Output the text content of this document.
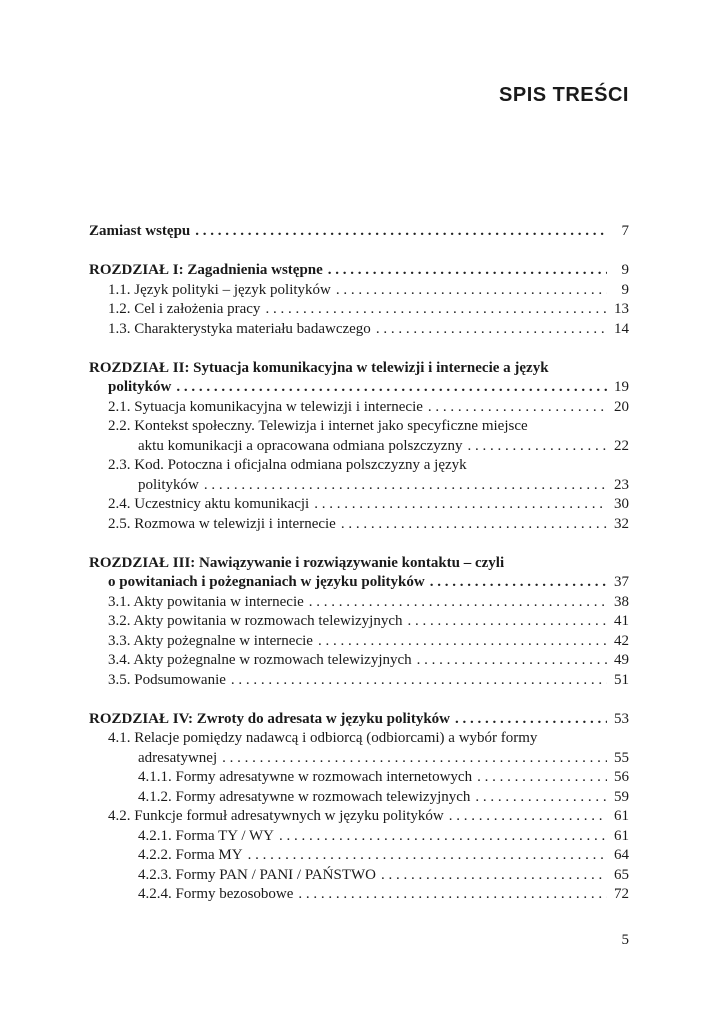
SPIS TREŚCI
Zamiast wstępu . . .	7
ROZDZIAŁ I: Zagadnienia wstępne . . .	9
1.1. Język polityki – język polityków . . .	9
1.2. Cel i założenia pracy . . .	13
1.3. Charakterystyka materiału badawczego . . .	14
ROZDZIAŁ II: Sytuacja komunikacyjna w telewizji i internecie a język
polityków . . .	19
2.1. Sytuacja komunikacyjna w telewizji i internecie . . .	20
2.2. Kontekst społeczny. Telewizja i internet jako specyficzne miejsce
aktu komunikacji a opracowana odmiana polszczyzny . . .	22
2.3. Kod. Potoczna i oficjalna odmiana polszczyzny a język
polityków . . .	23
2.4. Uczestnicy aktu komunikacji . . .	30
2.5. Rozmowa w telewizji i internecie . . .	32
ROZDZIAŁ III: Nawiązywanie i rozwiązywanie kontaktu – czyli
o powitaniach i pożegnaniach w języku polityków . . .	37
3.1. Akty powitania w internecie . . .	38
3.2. Akty powitania w rozmowach telewizyjnych . . .	41
3.3. Akty pożegnalne w internecie . . .	42
3.4. Akty pożegnalne w rozmowach telewizyjnych . . .	49
3.5. Podsumowanie . . .	51
ROZDZIAŁ IV: Zwroty do adresata w języku polityków . . .	53
4.1. Relacje pomiędzy nadawcą i odbiorcą (odbiorcami) a wybór formy
adresatywnej . . .	55
4.1.1. Formy adresatywne w rozmowach internetowych . . .	56
4.1.2. Formy adresatywne w rozmowach telewizyjnych . . .	59
4.2. Funkcje formuł adresatywnych w języku polityków . . .	61
4.2.1. Forma TY / WY . . .	61
4.2.2. Forma MY . . .	64
4.2.3. Formy PAN / PANI / PAŃSTWO . . .	65
4.2.4. Formy bezosobowe . . .	72
5
